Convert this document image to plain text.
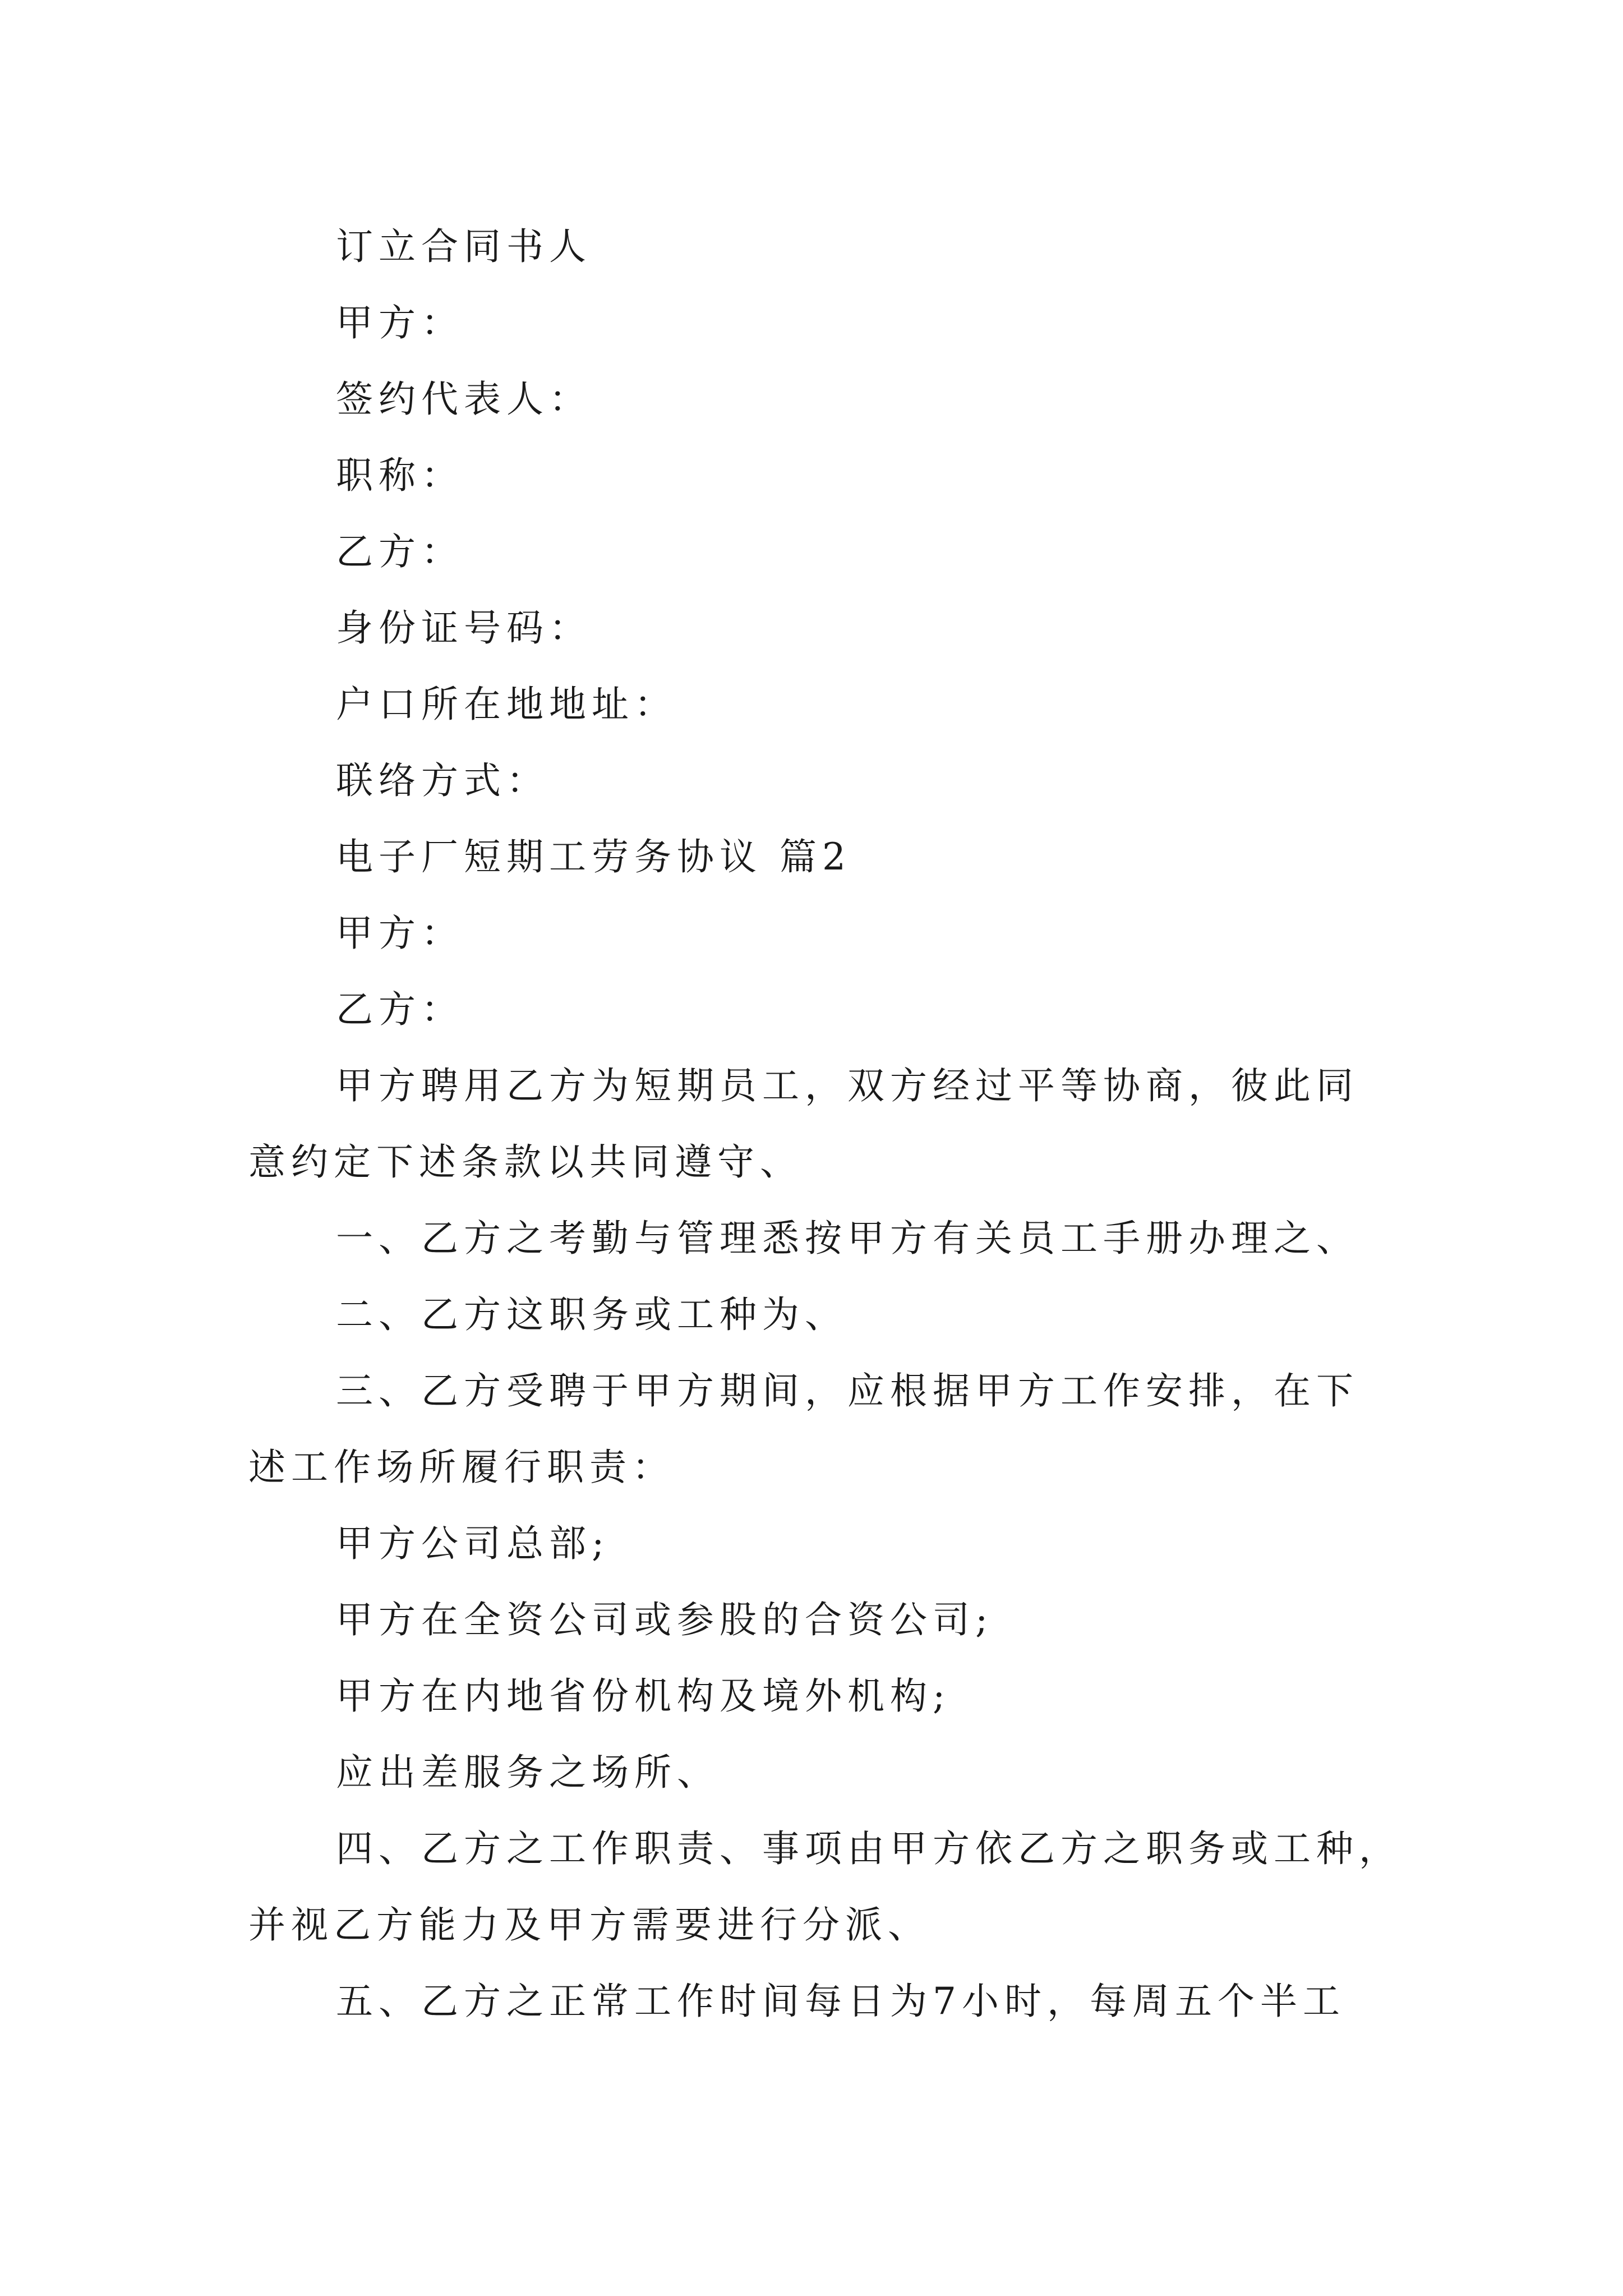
订立合同书人
甲方：
签约代表人：
职称：
乙方：
身份证号码：
户口所在地地址：
联络方式：
电子厂短期工劳务协议 篇2
甲方：
乙方：
甲方聘用乙方为短期员工，双方经过平等协商，彼此同
意约定下述条款以共同遵守、
一、乙方之考勤与管理悉按甲方有关员工手册办理之、
二、乙方这职务或工种为、
三、乙方受聘于甲方期间，应根据甲方工作安排，在下
述工作场所履行职责：
甲方公司总部;
甲方在全资公司或参股的合资公司;
甲方在内地省份机构及境外机构;
应出差服务之场所、
四、乙方之工作职责、事项由甲方依乙方之职务或工种，
并视乙方能力及甲方需要进行分派、
五、乙方之正常工作时间每日为7小时，每周五个半工
